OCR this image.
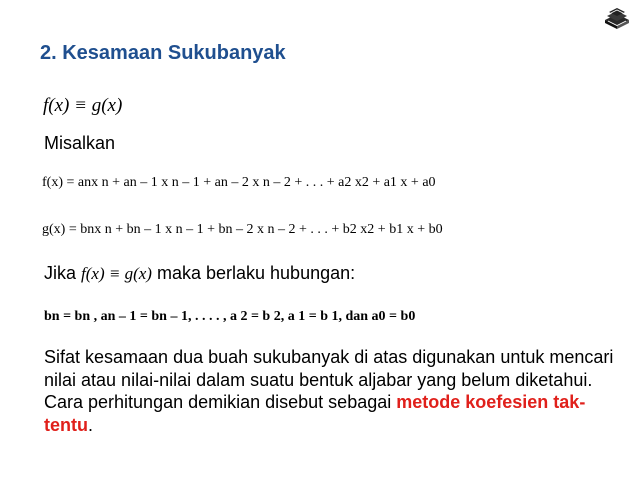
2. Kesamaan Sukubanyak
f(x) ≡ g(x)
Misalkan
f(x) = anx n + an – 1 x n – 1 + an – 2 x n – 2 + . . . + a2 x2 + a1 x + a0
g(x) = bnx n + bn – 1 x n – 1 + bn – 2 x n – 2 + . . . + b2 x2 + b1 x + b0
Jika f(x) ≡ g(x) maka berlaku hubungan:
bn = bn , an – 1 = bn – 1, . . . . , a 2 = b 2, a 1 = b 1, dan a0 = b0
Sifat kesamaan dua buah sukubanyak di atas digunakan untuk mencari nilai atau nilai-nilai dalam suatu bentuk aljabar yang belum diketahui. Cara perhitungan demikian disebut sebagai metode koefesien tak-tentu.
